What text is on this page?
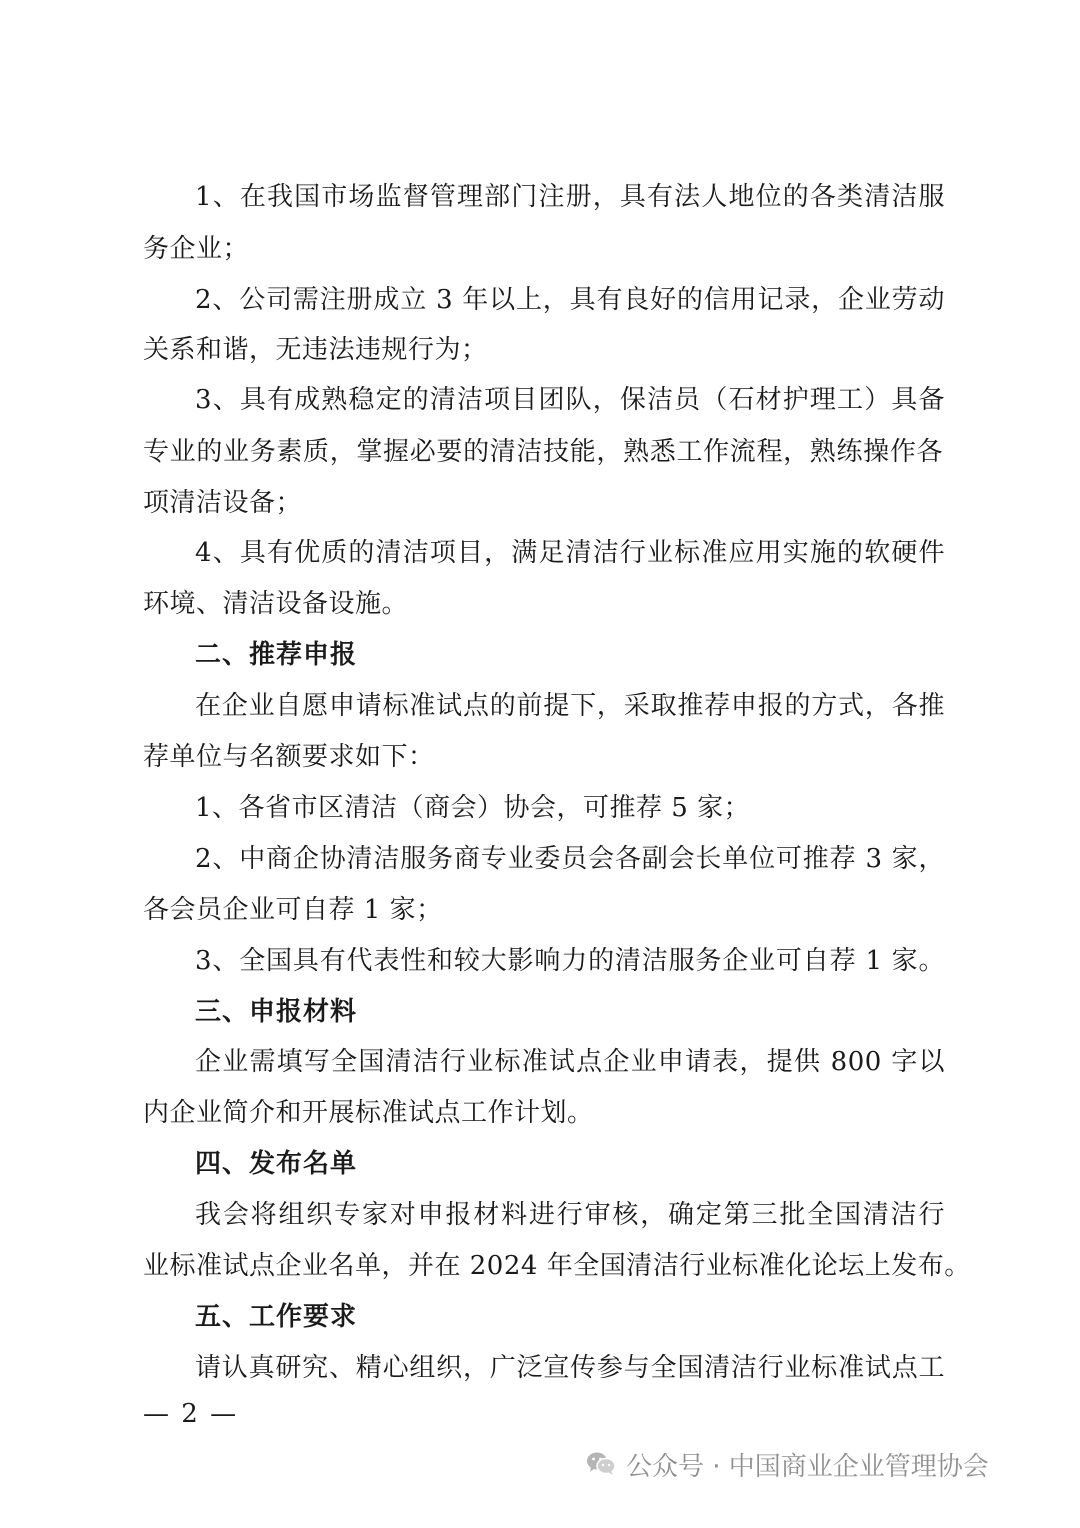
1、在我国市场监督管理部门注册，具有法人地位的各类清洁服
务企业；
2、公司需注册成立 3 年以上，具有良好的信用记录，企业劳动
关系和谐，无违法违规行为；
3、具有成熟稳定的清洁项目团队，保洁员（石材护理工）具备
专业的业务素质，掌握必要的清洁技能，熟悉工作流程，熟练操作各
项清洁设备；
4、具有优质的清洁项目，满足清洁行业标准应用实施的软硬件
环境、清洁设备设施。
二、推荐申报
在企业自愿申请标准试点的前提下，采取推荐申报的方式，各推
荐单位与名额要求如下：
1、各省市区清洁（商会）协会，可推荐 5 家；
2、中商企协清洁服务商专业委员会各副会长单位可推荐 3 家，
各会员企业可自荐 1 家；
3、全国具有代表性和较大影响力的清洁服务企业可自荐 1 家。
三、申报材料
企业需填写全国清洁行业标准试点企业申请表，提供 800 字以
内企业简介和开展标准试点工作计划。
四、发布名单
我会将组织专家对申报材料进行审核，确定第三批全国清洁行
业标准试点企业名单，并在 2024 年全国清洁行业标准化论坛上发布。
五、工作要求
请认真研究、精心组织，广泛宣传参与全国清洁行业标准试点工
— 2 —
公众号 · 中国商业企业管理协会
